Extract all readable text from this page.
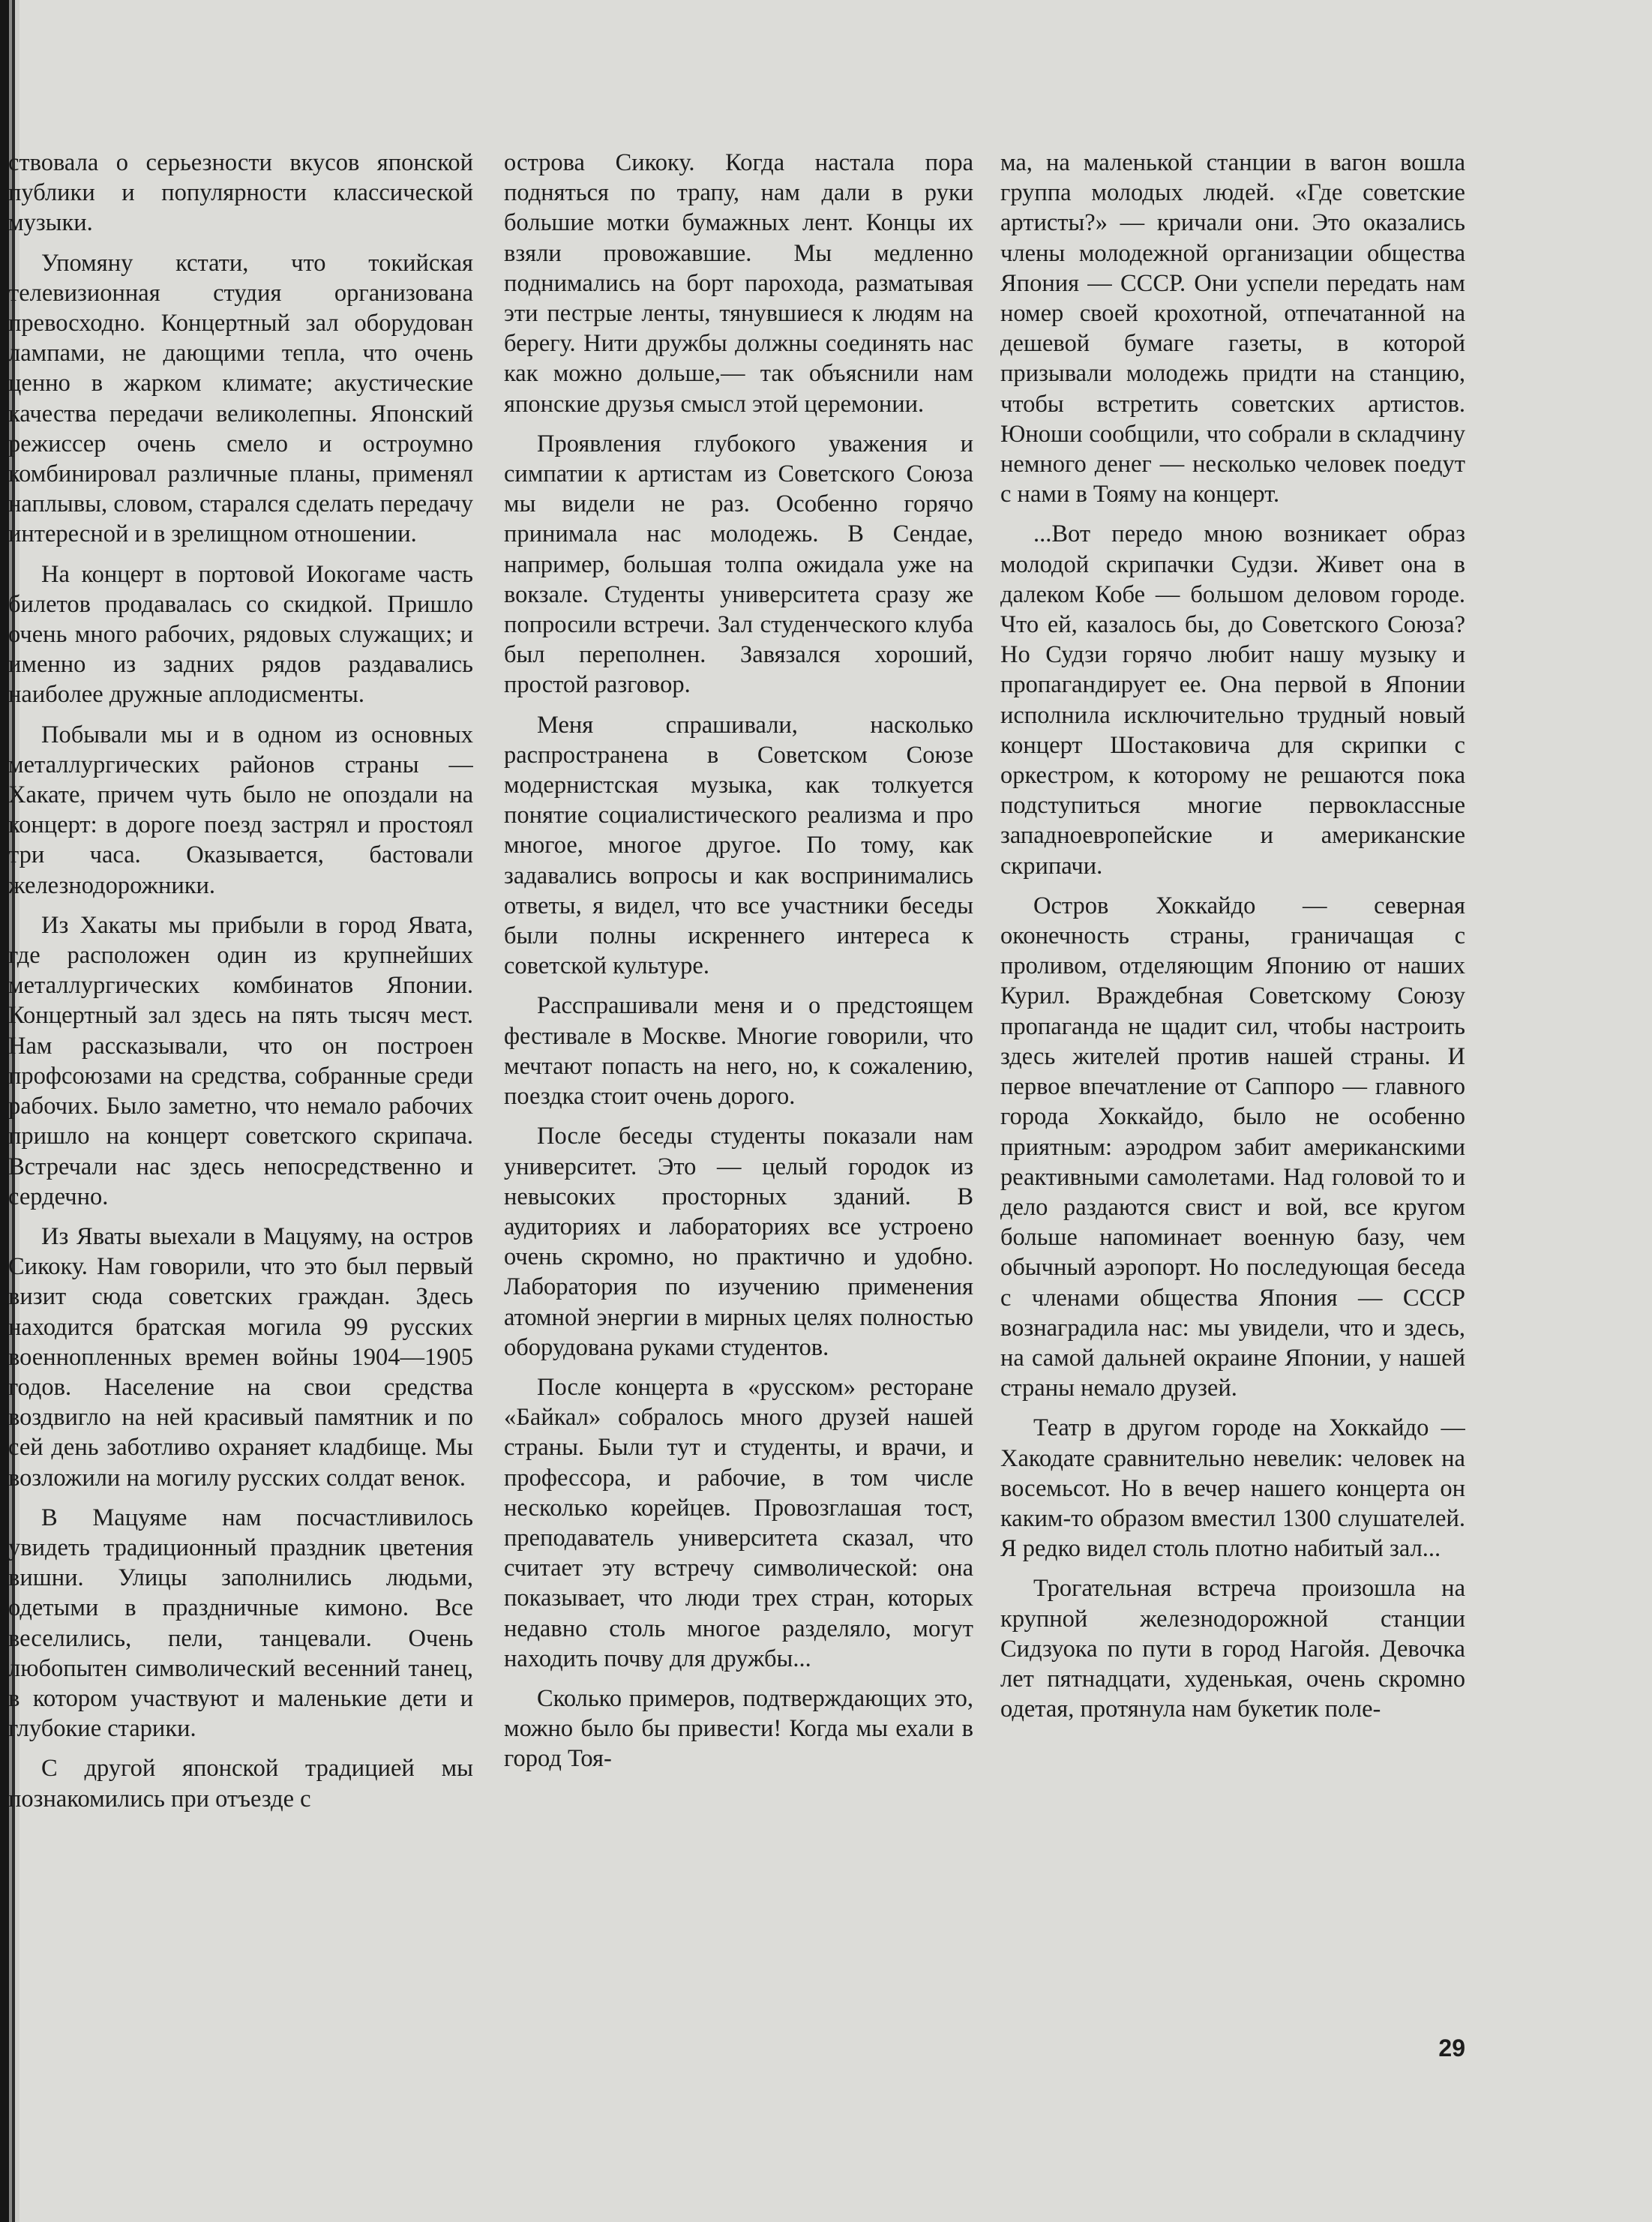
ствовала о серьезности вкусов японской публики и популярности классической музыки.

Упомяну кстати, что токийская телевизионная студия организована превосходно. Концертный зал оборудован лампами, не дающими тепла, что очень ценно в жарком климате; акустические качества передачи великолепны. Японский режиссер очень смело и остроумно комбинировал различные планы, применял наплывы, словом, старался сделать передачу интересной и в зрелищном отношении.

На концерт в портовой Иокогаме часть билетов продавалась со скидкой. Пришло очень много рабочих, рядовых служащих; и именно из задних рядов раздавались наиболее дружные аплодисменты.

Побывали мы и в одном из основных металлургических районов страны — Хакате, причем чуть было не опоздали на концерт: в дороге поезд застрял и простоял три часа. Оказывается, бастовали железнодорожники.

Из Хакаты мы прибыли в город Явата, где расположен один из крупнейших металлургических комбинатов Японии. Концертный зал здесь на пять тысяч мест. Нам рассказывали, что он построен профсоюзами на средства, собранные среди рабочих. Было заметно, что немало рабочих пришло на концерт советского скрипача. Встречали нас здесь непосредственно и сердечно.

Из Яваты выехали в Мацуяму, на остров Сикоку. Нам говорили, что это был первый визит сюда советских граждан. Здесь находится братская могила 99 русских военнопленных времен войны 1904—1905 годов. Население на свои средства воздвигло на ней красивый памятник и по сей день заботливо охраняет кладбище. Мы возложили на могилу русских солдат венок.

В Мацуяме нам посчастливилось увидеть традиционный праздник цветения вишни. Улицы заполнились людьми, одетыми в праздничные кимоно. Все веселились, пели, танцевали. Очень любопытен символический весенний танец, в котором участвуют и маленькие дети и глубокие старики.

С другой японской традицией мы познакомились при отъезде с

острова Сикоку. Когда настала пора подняться по трапу, нам дали в руки большие мотки бумажных лент. Концы их взяли провожавшие. Мы медленно поднимались на борт парохода, разматывая эти пестрые ленты, тянувшиеся к людям на берегу. Нити дружбы должны соединять нас как можно дольше,— так объяснили нам японские друзья смысл этой церемонии.

Проявления глубокого уважения и симпатии к артистам из Советского Союза мы видели не раз. Особенно горячо принимала нас молодежь. В Сендае, например, большая толпа ожидала уже на вокзале. Студенты университета сразу же попросили встречи. Зал студенческого клуба был переполнен. Завязался хороший, простой разговор.

Меня спрашивали, насколько распространена в Советском Союзе модернистская музыка, как толкуется понятие социалистического реализма и про многое, многое другое. По тому, как задавались вопросы и как воспринимались ответы, я видел, что все участники беседы были полны искреннего интереса к советской культуре.

Расспрашивали меня и о предстоящем фестивале в Москве. Многие говорили, что мечтают попасть на него, но, к сожалению, поездка стоит очень дорого.

После беседы студенты показали нам университет. Это — целый городок из невысоких просторных зданий. В аудиториях и лабораториях все устроено очень скромно, но практично и удобно. Лаборатория по изучению применения атомной энергии в мирных целях полностью оборудована руками студентов.

После концерта в «русском» ресторане «Байкал» собралось много друзей нашей страны. Были тут и студенты, и врачи, и профессора, и рабочие, в том числе несколько корейцев. Провозглашая тост, преподаватель университета сказал, что считает эту встречу символической: она показывает, что люди трех стран, которых недавно столь многое разделяло, могут находить почву для дружбы...

Сколько примеров, подтверждающих это, можно было бы привести! Когда мы ехали в город Тоя-

ма, на маленькой станции в вагон вошла группа молодых людей. «Где советские артисты?» — кричали они. Это оказались члены молодежной организации общества Япония — СССР. Они успели передать нам номер своей крохотной, отпечатанной на дешевой бумаге газеты, в которой призывали молодежь придти на станцию, чтобы встретить советских артистов. Юноши сообщили, что собрали в складчину немного денег — несколько человек поедут с нами в Тояму на концерт.

...Вот передо мною возникает образ молодой скрипачки Судзи. Живет она в далеком Кобе — большом деловом городе. Что ей, казалось бы, до Советского Союза? Но Судзи горячо любит нашу музыку и пропагандирует ее. Она первой в Японии исполнила исключительно трудный новый концерт Шостаковича для скрипки с оркестром, к которому не решаются пока подступиться многие первоклассные западноевропейские и американские скрипачи.

Остров Хоккайдо — северная оконечность страны, граничащая с проливом, отделяющим Японию от наших Курил. Враждебная Советскому Союзу пропаганда не щадит сил, чтобы настроить здесь жителей против нашей страны. И первое впечатление от Саппоро — главного города Хоккайдо, было не особенно приятным: аэродром забит американскими реактивными самолетами. Над головой то и дело раздаются свист и вой, все кругом больше напоминает военную базу, чем обычный аэропорт. Но последующая беседа с членами общества Япония — СССР вознаградила нас: мы увидели, что и здесь, на самой дальней окраине Японии, у нашей страны немало друзей.

Театр в другом городе на Хоккайдо — Хакодате сравнительно невелик: человек на восемьсот. Но в вечер нашего концерта он каким-то образом вместил 1300 слушателей. Я редко видел столь плотно набитый зал...

Трогательная встреча произошла на крупной железнодорожной станции Сидзуока по пути в город Нагойя. Девочка лет пятнадцати, худенькая, очень скромно одетая, протянула нам букетик поле-

29
